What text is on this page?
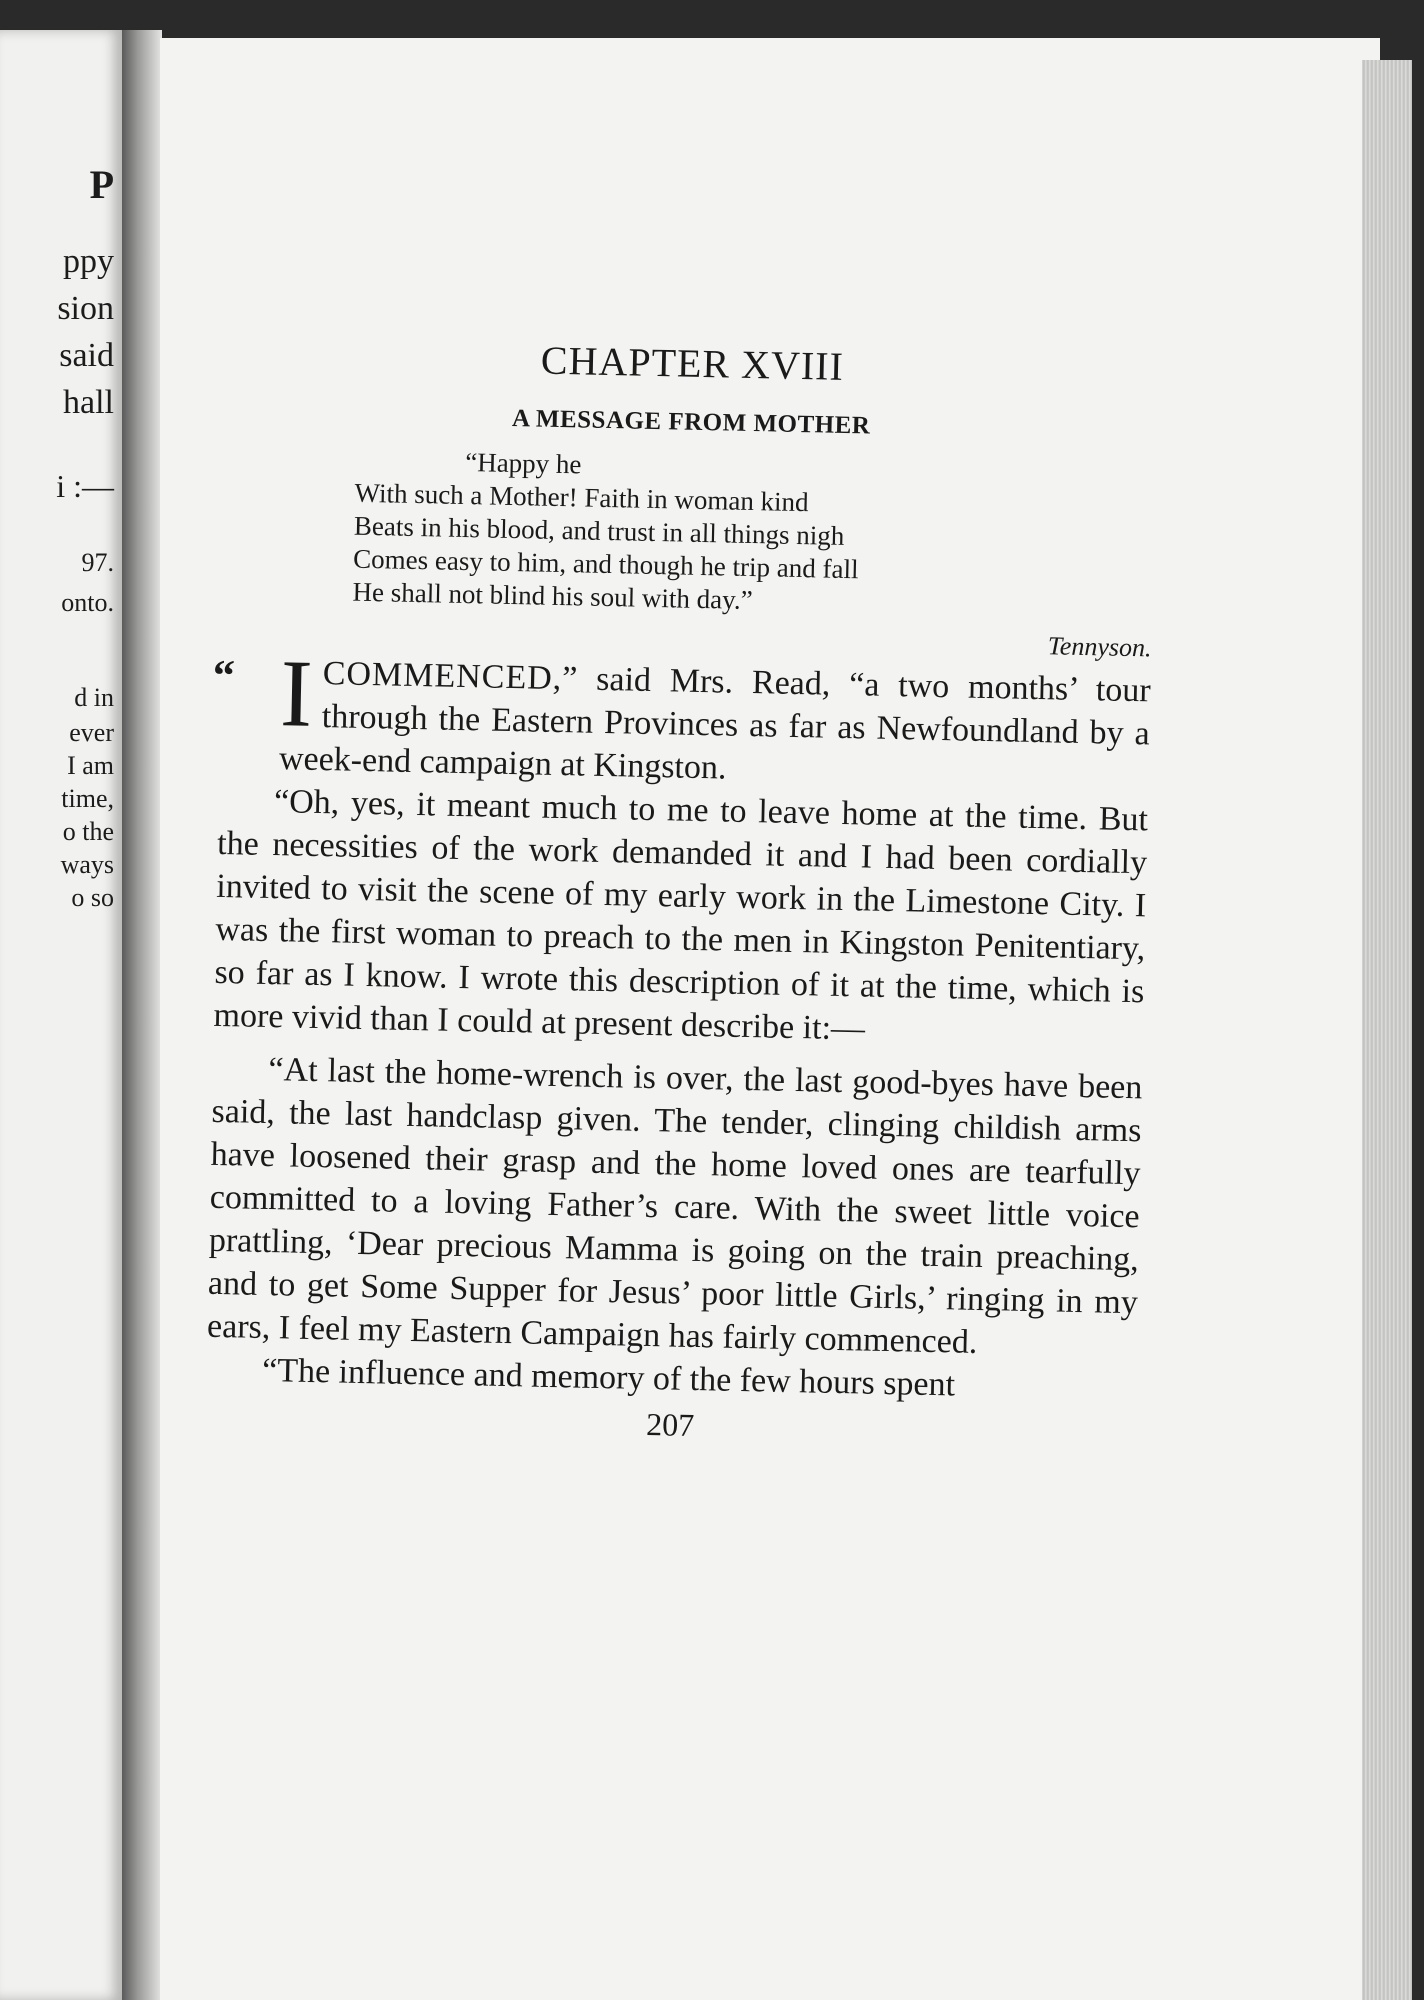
P
ppy
sion
said
hall
i :—
97.
onto.
d in
ever
I am
time,
o the
ways
o so
CHAPTER XVIII
A MESSAGE FROM MOTHER
“Happy he
With such a Mother! Faith in woman kind
Beats in his blood, and trust in all things nigh
Comes easy to him, and though he trip and fall
He shall not blind his soul with day.”
Tennyson.
“ ICOMMENCED,” said Mrs. Read, “a two months’ tour through the Eastern Provinces as far as Newfoundland by a week-end campaign at Kingston.

“Oh, yes, it meant much to me to leave home at the time. But the necessities of the work demanded it and I had been cordially invited to visit the scene of my early work in the Limestone City. I was the first woman to preach to the men in Kingston Penitentiary, so far as I know. I wrote this description of it at the time, which is more vivid than I could at present describe it:—

“At last the home-wrench is over, the last good-byes have been said, the last handclasp given. The tender, clinging childish arms have loosened their grasp and the home loved ones are tearfully committed to a loving Father’s care. With the sweet little voice prattling, ‘Dear precious Mamma is going on the train preaching, and to get Some Supper for Jesus’ poor little Girls,’ ringing in my ears, I feel my Eastern Campaign has fairly commenced.

“The influence and memory of the few hours spent

207
